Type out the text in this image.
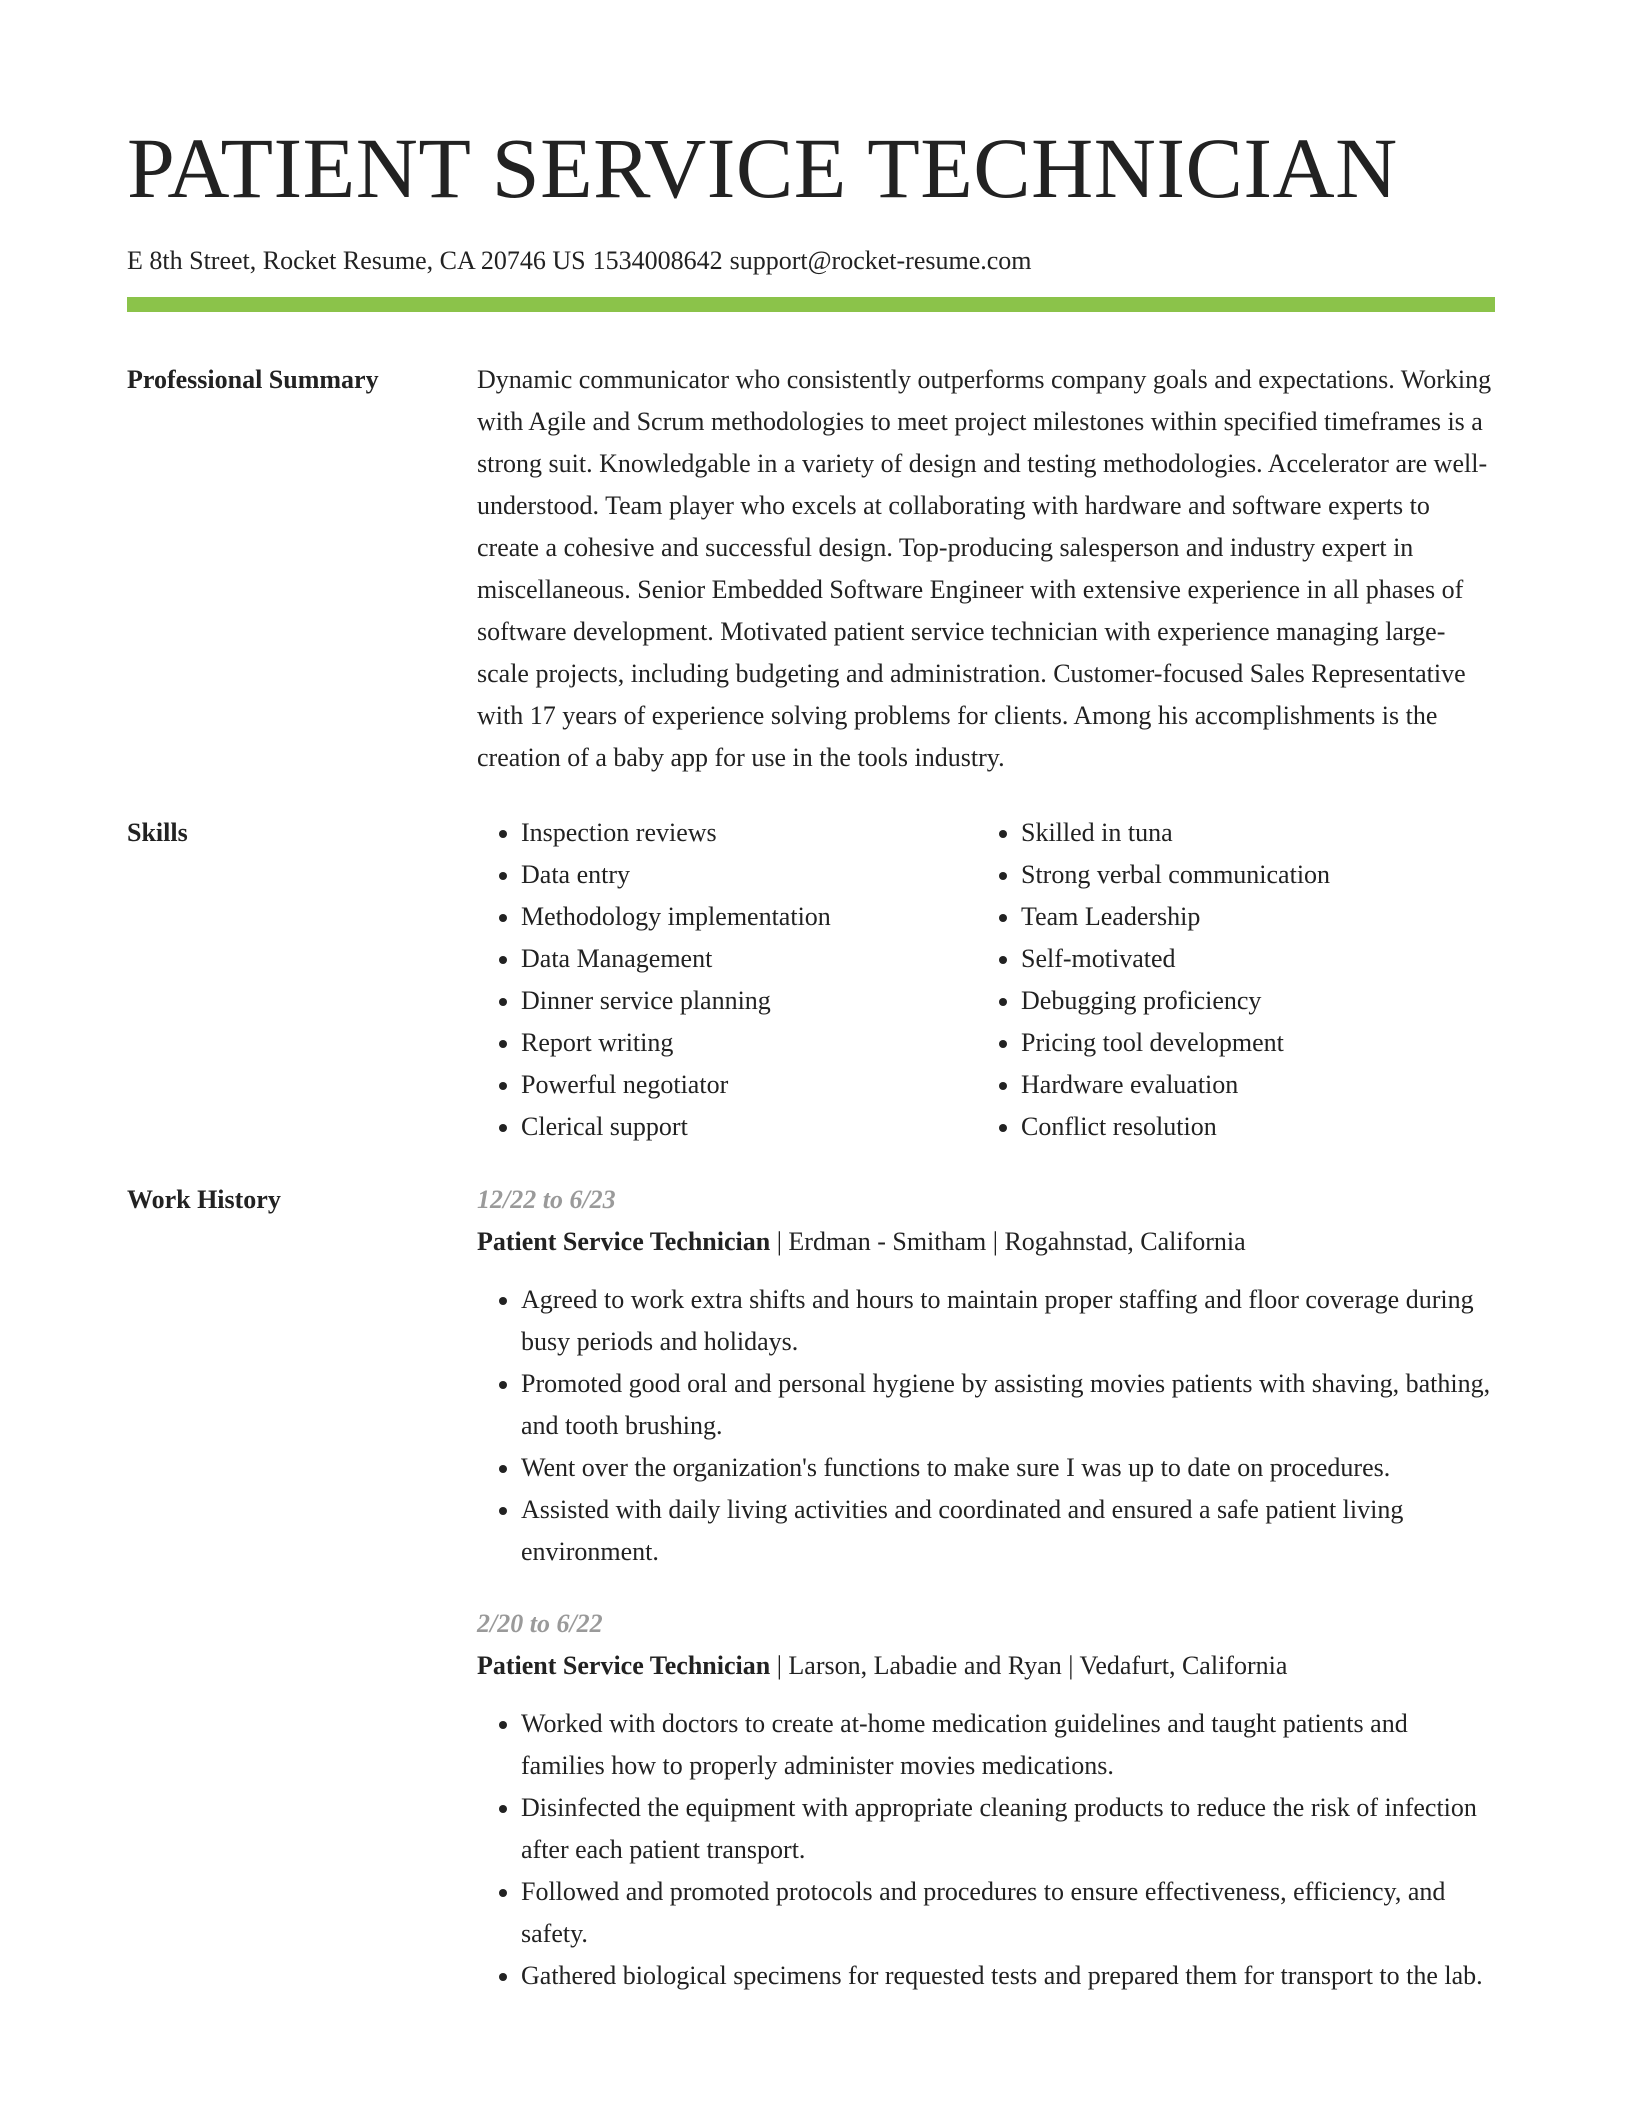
PATIENT SERVICE TECHNICIAN
E 8th Street, Rocket Resume, CA 20746 US 1534008642 support@rocket-resume.com
Professional Summary	Dynamic communicator who consistently outperforms company goals and expectations. Working with Agile and Scrum methodologies to meet project milestones within specified timeframes is a strong suit. Knowledgable in a variety of design and testing methodologies. Accelerator are well-understood. Team player who excels at collaborating with hardware and software experts to create a cohesive and successful design. Top-producing salesperson and industry expert in miscellaneous. Senior Embedded Software Engineer with extensive experience in all phases of software development. Motivated patient service technician with experience managing large-scale projects, including budgeting and administration. Customer-focused Sales Representative with 17 years of experience solving problems for clients. Among his accomplishments is the creation of a baby app for use in the tools industry.

Skills
•	Inspection reviews
• Data entry
• Methodology implementation
• Data Management
• Dinner service planning
• Report writing
• Powerful negotiator
• Clerical support
• Skilled in tuna
• Strong verbal communication
• Team Leadership
• Self-motivated
• Debugging proficiency
• Pricing tool development
• Hardware evaluation
• Conflict resolution
Work History	12/22 to 6/23
Patient Service Technician | Erdman - Smitham | Rogahnstad, California
• Agreed to work extra shifts and hours to maintain proper staffing and floor coverage during busy periods and holidays.
• Promoted good oral and personal hygiene by assisting movies patients with shaving, bathing, and tooth brushing.
• Went over the organization's functions to make sure I was up to date on procedures.
• Assisted with daily living activities and coordinated and ensured a safe patient living environment.
2/20 to 6/22
Patient Service Technician | Larson, Labadie and Ryan | Vedafurt, California
• Worked with doctors to create at-home medication guidelines and taught patients and families how to properly administer movies medications.
• Disinfected the equipment with appropriate cleaning products to reduce the risk of infection after each patient transport.
• Followed and promoted protocols and procedures to ensure effectiveness, efficiency, and safety.
• Gathered biological specimens for requested tests and prepared them for transport to the lab.
